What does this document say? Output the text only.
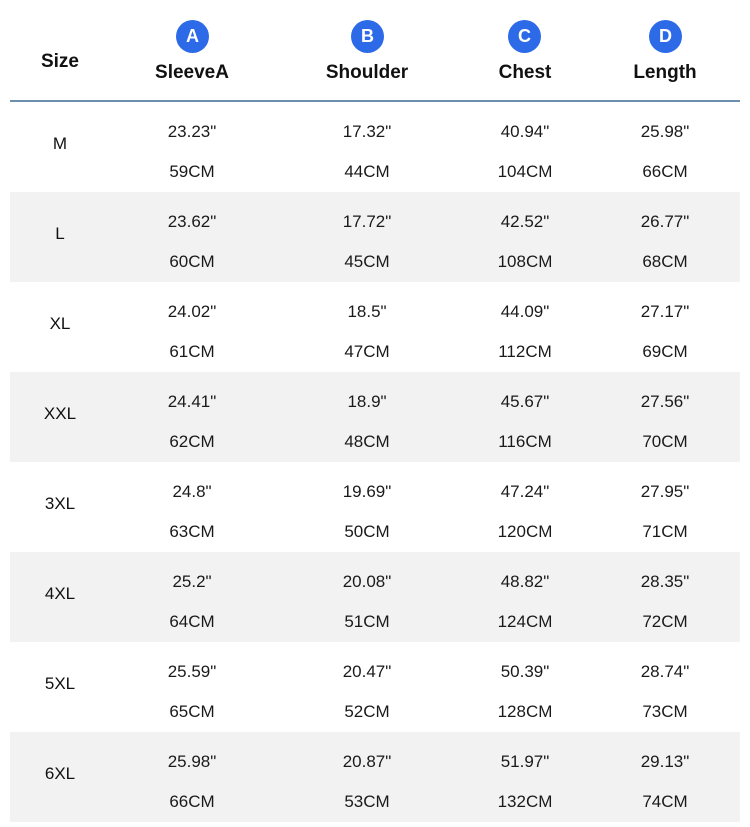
Size
A
SleeveA
B
Shoulder
C
Chest
D
Length
M
23.23"
59CM
17.32"
44CM
40.94"
104CM
25.98"
66CM
L
23.62"
60CM
17.72"
45CM
42.52"
108CM
26.77"
68CM
XL
24.02"
61CM
18.5"
47CM
44.09"
112CM
27.17"
69CM
XXL
24.41"
62CM
18.9"
48CM
45.67"
116CM
27.56"
70CM
3XL
24.8"
63CM
19.69"
50CM
47.24"
120CM
27.95"
71CM
4XL
25.2"
64CM
20.08"
51CM
48.82"
124CM
28.35"
72CM
5XL
25.59"
65CM
20.47"
52CM
50.39"
128CM
28.74"
73CM
6XL
25.98"
66CM
20.87"
53CM
51.97"
132CM
29.13"
74CM
